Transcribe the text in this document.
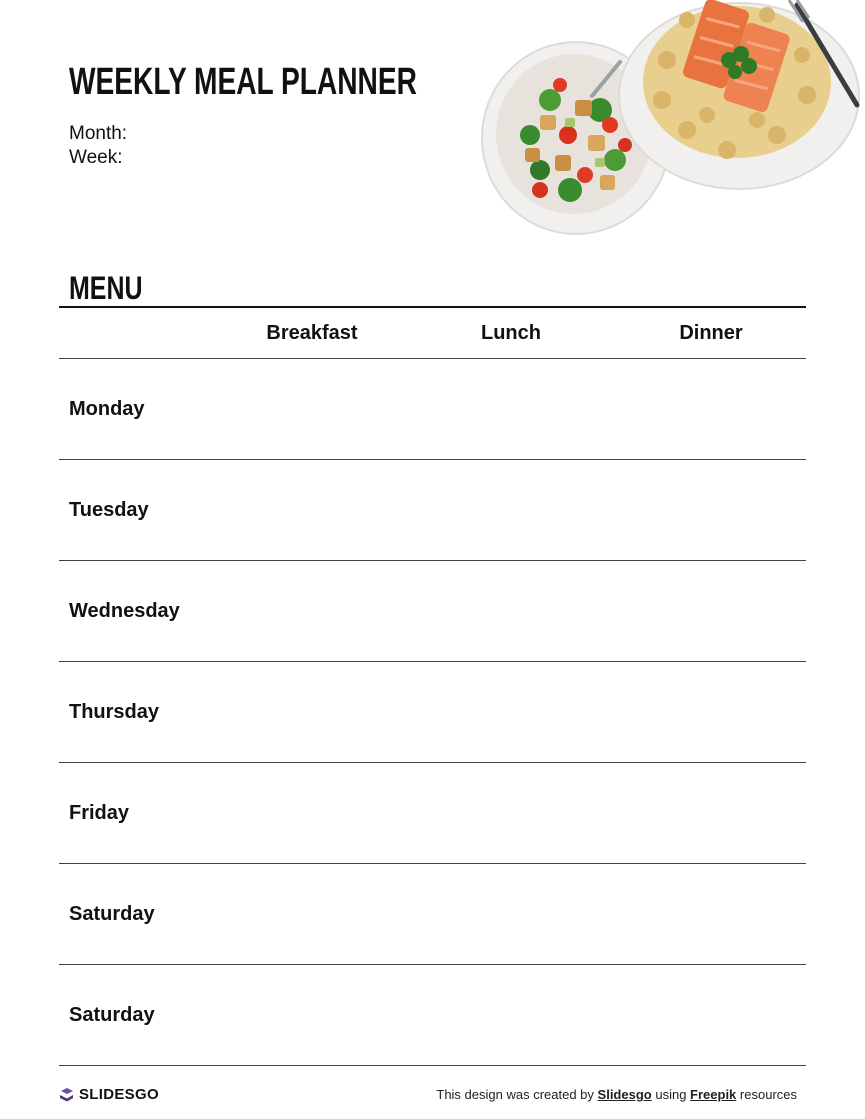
WEEKLY MEAL PLANNER
Month:
Week:
MENU
Breakfast	Lunch	Dinner
Monday
Tuesday
Wednesday
Thursday
Friday
Saturday
Saturday
SLIDESGO	This design was created by Slidesgo using Freepik resources
